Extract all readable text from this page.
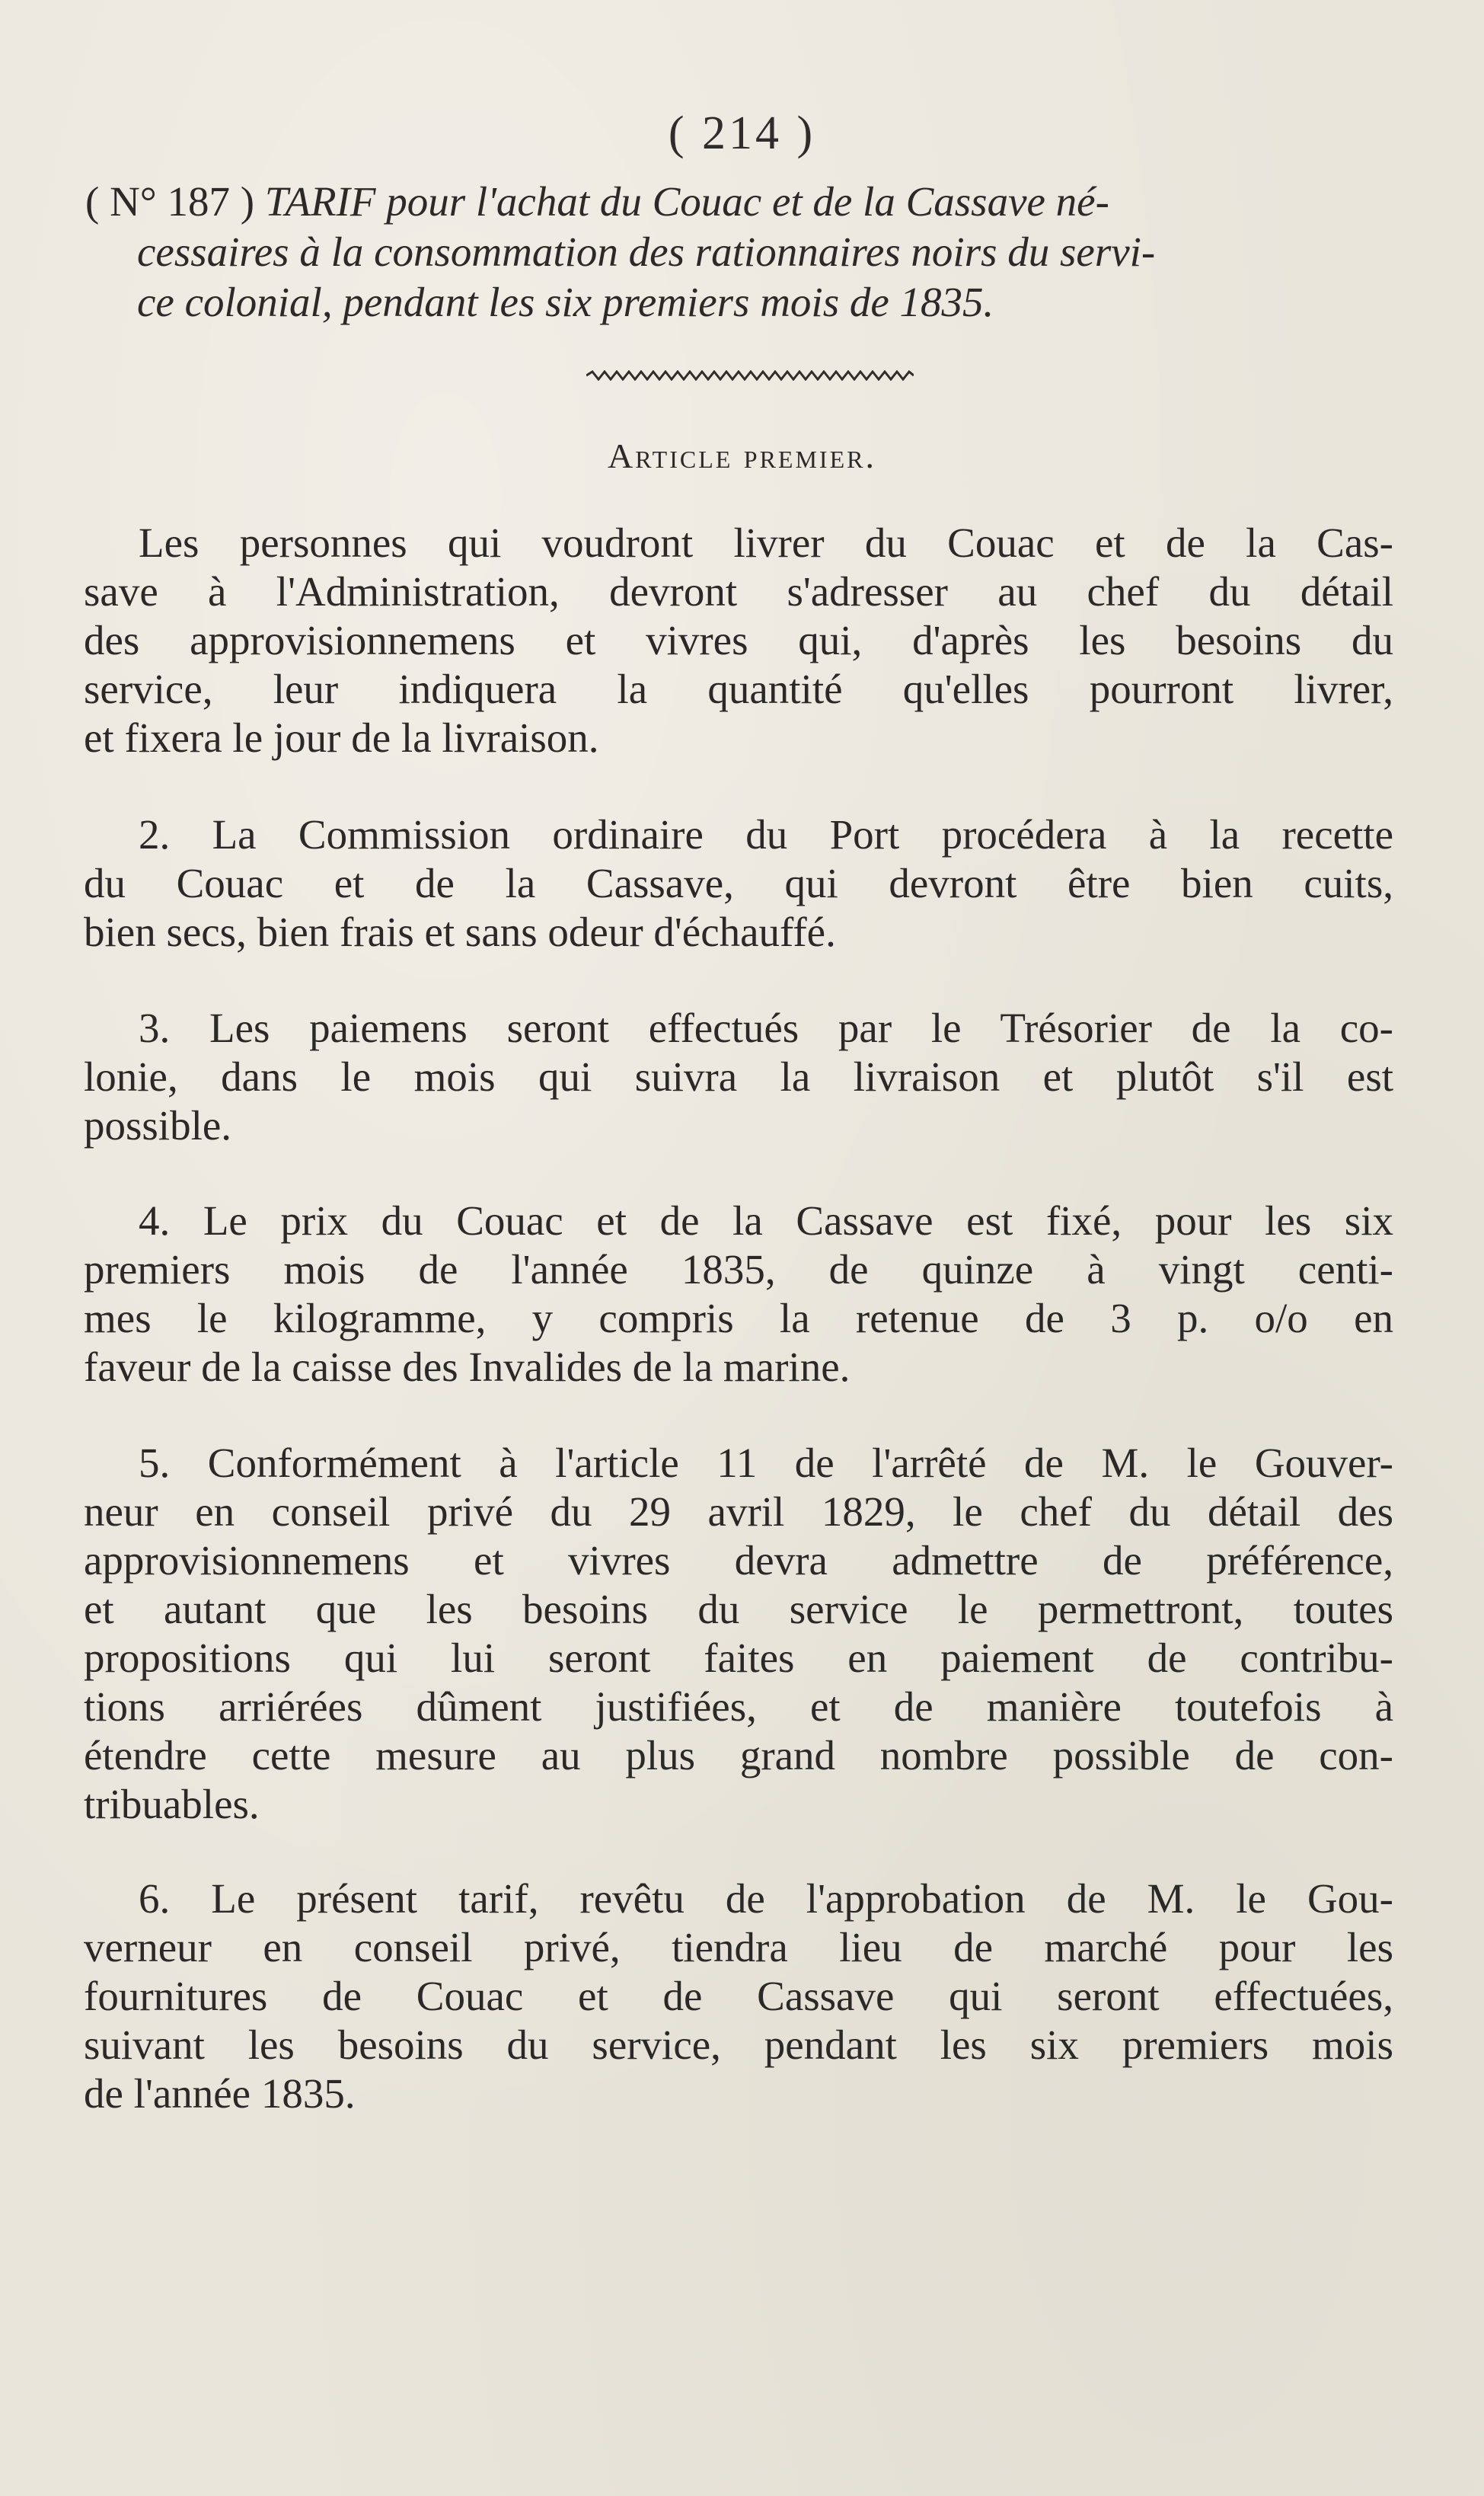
( 214 )
( N° 187 ) TARIF pour l'achat du Couac et de la Cassave né-
cessaires à la consommation des rationnaires noirs du servi-
ce colonial, pendant les six premiers mois de 1835.
Article premier.
Les personnes qui voudront livrer du Couac et de la Cas-
save à l'Administration, devront s'adresser au chef du détail
des approvisionnemens et vivres qui, d'après les besoins du
service, leur indiquera la quantité qu'elles pourront livrer,
et fixera le jour de la livraison.
2. La Commission ordinaire du Port procédera à la recette
du Couac et de la Cassave, qui devront être bien cuits,
bien secs, bien frais et sans odeur d'échauffé.
3. Les paiemens seront effectués par le Trésorier de la co-
lonie, dans le mois qui suivra la livraison et plutôt s'il est
possible.
4. Le prix du Couac et de la Cassave est fixé, pour les six
premiers mois de l'année 1835, de quinze à vingt centi-
mes le kilogramme, y compris la retenue de 3 p. o/o en
faveur de la caisse des Invalides de la marine.
5. Conformément à l'article 11 de l'arrêté de M. le Gouver-
neur en conseil privé du 29 avril 1829, le chef du détail des
approvisionnemens et vivres devra admettre de préférence,
et autant que les besoins du service le permettront, toutes
propositions qui lui seront faites en paiement de contribu-
tions arriérées dûment justifiées, et de manière toutefois à
étendre cette mesure au plus grand nombre possible de con-
tribuables.
6. Le présent tarif, revêtu de l'approbation de M. le Gou-
verneur en conseil privé, tiendra lieu de marché pour les
fournitures de Couac et de Cassave qui seront effectuées,
suivant les besoins du service, pendant les six premiers mois
de l'année 1835.
